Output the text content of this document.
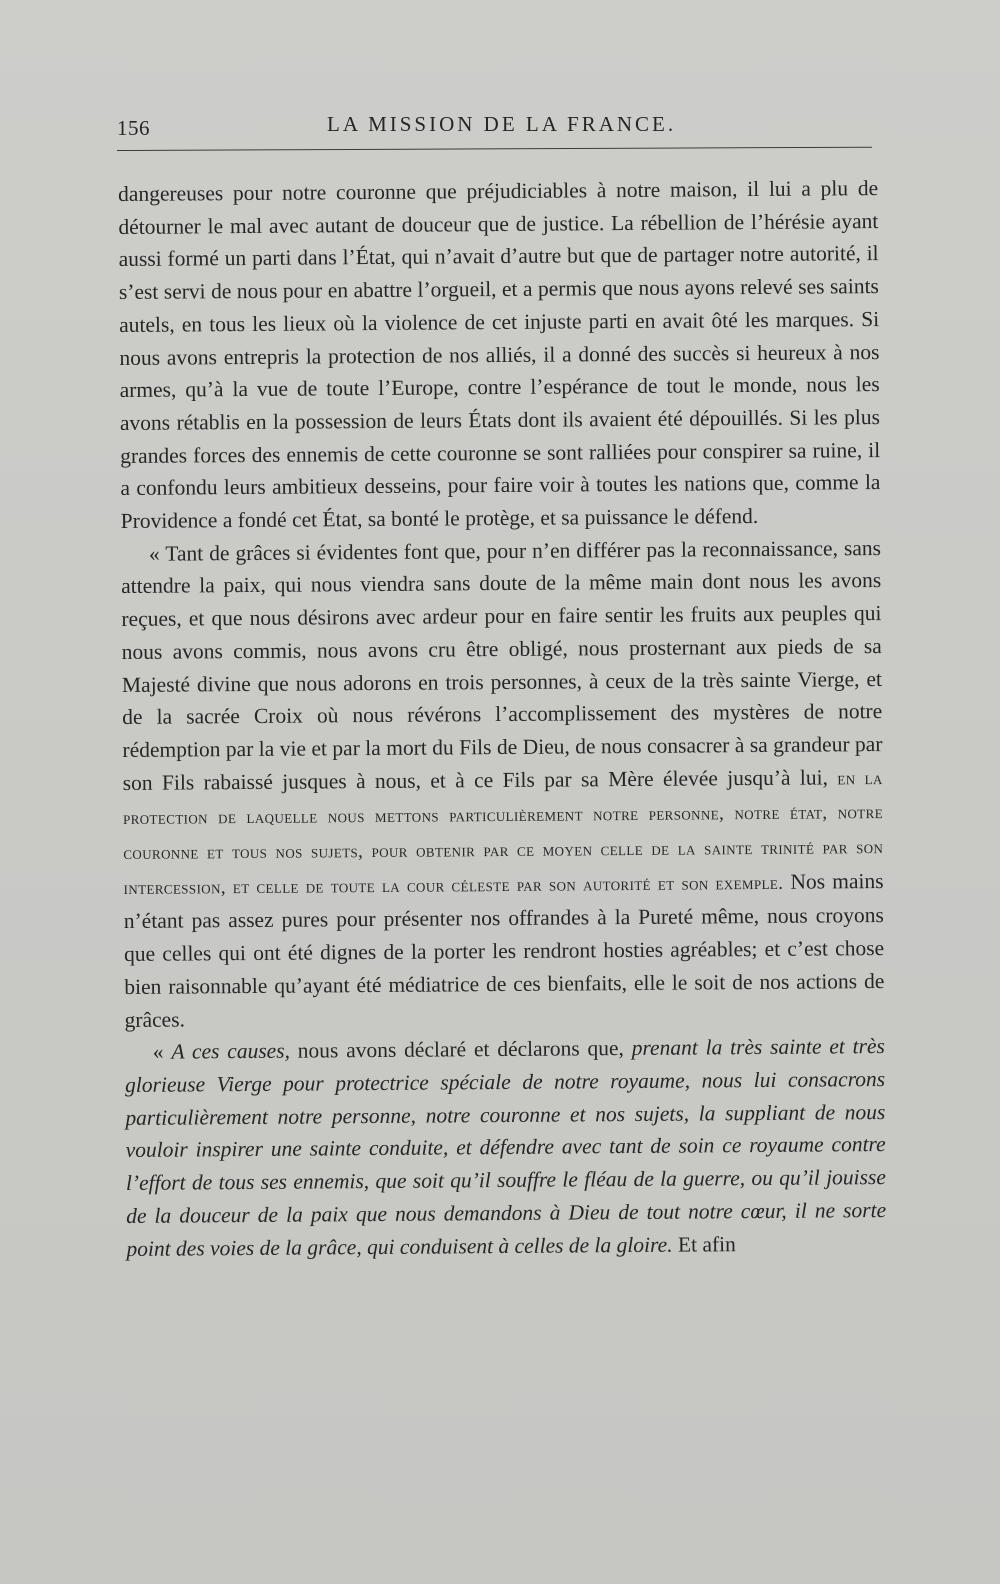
156	LA MISSION DE LA FRANCE.

dangereuses pour notre couronne que préjudiciables à notre maison, il lui a plu de détourner le mal avec autant de douceur que de justice. La rébellion de l’hérésie ayant aussi formé un parti dans l’État, qui n’avait d’autre but que de partager notre autorité, il s’est servi de nous pour en abattre l’orgueil, et a permis que nous ayons relevé ses saints autels, en tous les lieux où la violence de cet injuste parti en avait ôté les marques. Si nous avons entrepris la protection de nos alliés, il a donné des succès si heureux à nos armes, qu’à la vue de toute l’Europe, contre l’espérance de tout le monde, nous les avons rétablis en la possession de leurs États dont ils avaient été dépouillés. Si les plus grandes forces des ennemis de cette couronne se sont ralliées pour conspirer sa ruine, il a confondu leurs ambitieux desseins, pour faire voir à toutes les nations que, comme la Providence a fondé cet État, sa bonté le protège, et sa puissance le défend.

« Tant de grâces si évidentes font que, pour n’en différer pas la reconnaissance, sans attendre la paix, qui nous viendra sans doute de la même main dont nous les avons reçues, et que nous désirons avec ardeur pour en faire sentir les fruits aux peuples qui nous avons commis, nous avons cru être obligé, nous prosternant aux pieds de sa Majesté divine que nous adorons en trois personnes, à ceux de la très sainte Vierge, et de la sacrée Croix où nous révérons l’accomplissement des mystères de notre rédemption par la vie et par la mort du Fils de Dieu, de nous consacrer à sa grandeur par son Fils rabaissé jusques à nous, et à ce Fils par sa Mère élevée jusqu’à lui, en la protection de laquelle nous mettons particulièrement notre personne, notre état, notre couronne et tous nos sujets, pour obtenir par ce moyen celle de la sainte trinité par son intercession, et celle de toute la cour céleste par son autorité et son exemple. Nos mains n’étant pas assez pures pour présenter nos offrandes à la Pureté même, nous croyons que celles qui ont été dignes de la porter les rendront hosties agréables; et c’est chose bien raisonnable qu’ayant été médiatrice de ces bienfaits, elle le soit de nos actions de grâces.

« A ces causes, nous avons déclaré et déclarons que, prenant la très sainte et très glorieuse Vierge pour protectrice spéciale de notre royaume, nous lui consacrons particulièrement notre personne, notre couronne et nos sujets, la suppliant de nous vouloir inspirer une sainte conduite, et défendre avec tant de soin ce royaume contre l’effort de tous ses ennemis, que soit qu’il souffre le fléau de la guerre, ou qu’il jouisse de la douceur de la paix que nous demandons à Dieu de tout notre cœur, il ne sorte point des voies de la grâce, qui conduisent à celles de la gloire. Et afin
